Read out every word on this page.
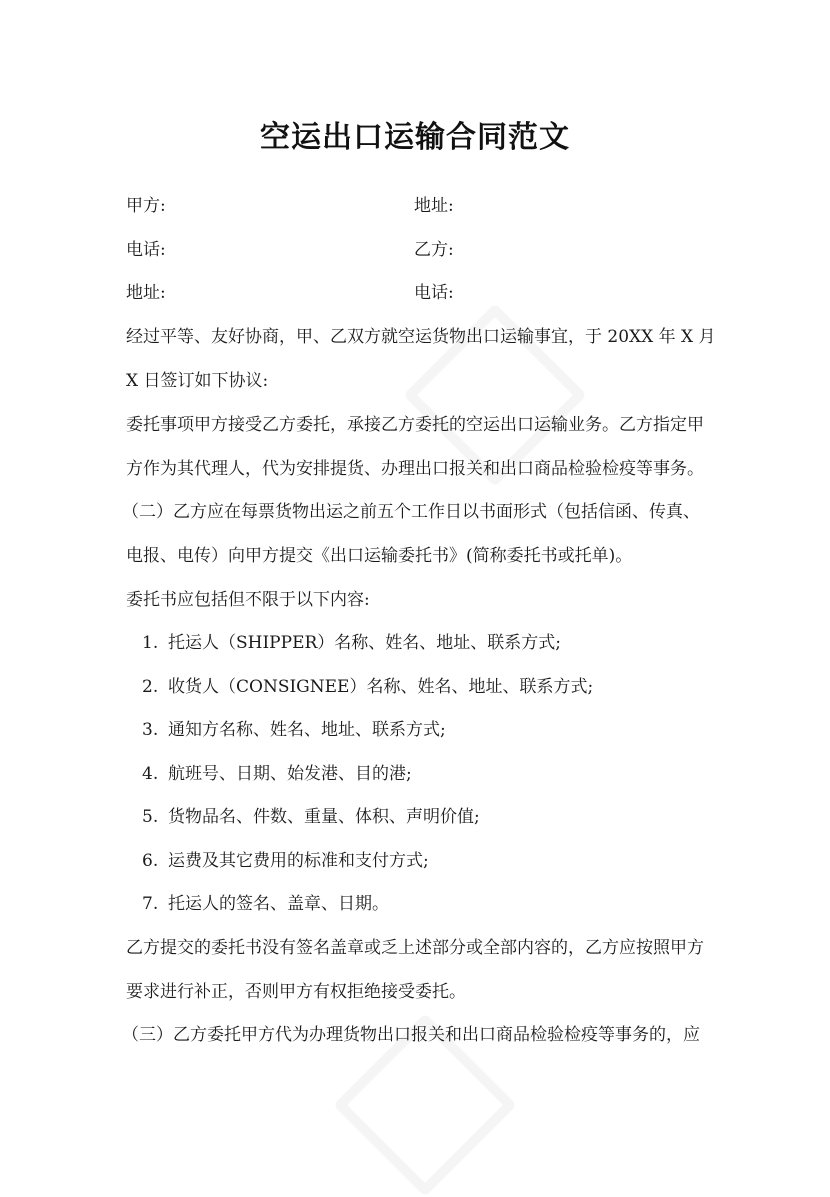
空运出口运输合同范文
甲方:	地址:
电话:	乙方:
地址:	电话:
经过平等、友好协商，甲、乙双方就空运货物出口运输事宜，于 20XX 年 X 月
X 日签订如下协议:
委托事项甲方接受乙方委托，承接乙方委托的空运出口运输业务。乙方指定甲
方作为其代理人，代为安排提货、办理出口报关和出口商品检验检疫等事务。
（二）乙方应在每票货物出运之前五个工作日以书面形式（包括信函、传真、
电报、电传）向甲方提交《出口运输委托书》(简称委托书或托单)。
委托书应包括但不限于以下内容:
1. 托运人（SHIPPER）名称、姓名、地址、联系方式;
2. 收货人（CONSIGNEE）名称、姓名、地址、联系方式;
3. 通知方名称、姓名、地址、联系方式;
4. 航班号、日期、始发港、目的港;
5. 货物品名、件数、重量、体积、声明价值;
6. 运费及其它费用的标准和支付方式;
7. 托运人的签名、盖章、日期。
乙方提交的委托书没有签名盖章或乏上述部分或全部内容的，乙方应按照甲方
要求进行补正，否则甲方有权拒绝接受委托。
（三）乙方委托甲方代为办理货物出口报关和出口商品检验检疫等事务的，应
